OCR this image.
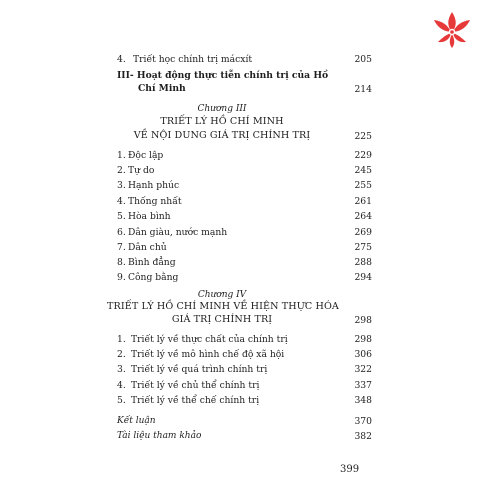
4. Triết học chính trị mácxít	205
III- Hoạt động thực tiễn chính trị của Hồ
Chí Minh	214
Chương III
TRIẾT LÝ HỒ CHÍ MINH
VỀ NỘI DUNG GIÁ TRỊ CHÍNH TRỊ	225
1. Độc lập	229
2. Tự do	245
3. Hạnh phúc	255
4. Thống nhất	261
5. Hòa bình	264
6. Dân giàu, nước mạnh	269
7. Dân chủ	275
8. Bình đẳng	288
9. Công bằng	294
Chương IV
TRIẾT LÝ HỒ CHÍ MINH VỀ HIỆN THỰC HÓA
GIÁ TRỊ CHÍNH TRỊ	298
1. Triết lý về thực chất của chính trị	298
2. Triết lý về mô hình chế độ xã hội	306
3. Triết lý về quá trình chính trị	322
4. Triết lý về chủ thể chính trị	337
5. Triết lý về thể chế chính trị	348
Kết luận	370
Tài liệu tham khảo	382
399
